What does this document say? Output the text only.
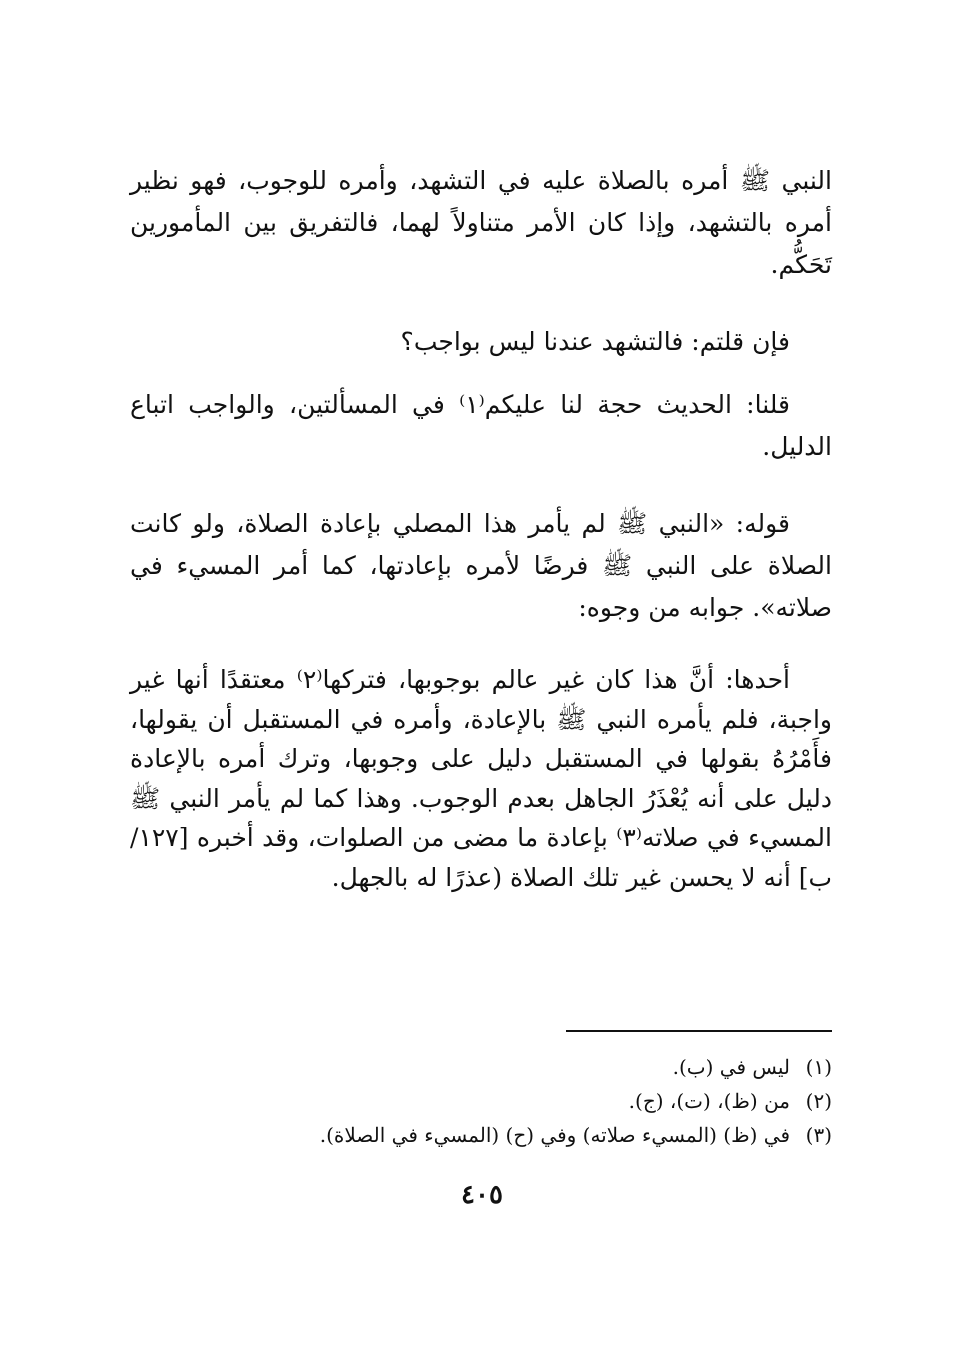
النبي ﷺ أمره بالصلاة عليه في التشهد، وأمره للوجوب، فهو نظير أمره بالتشهد، وإذا كان الأمر متناولاً لهما، فالتفريق بين المأمورين تَحَكُّم.

فإن قلتم: فالتشهد عندنا ليس بواجب؟

قلنا: الحديث حجة لنا عليكم⁽١⁾ في المسألتين، والواجب اتباع الدليل.

قوله: «النبي ﷺ لم يأمر هذا المصلي بإعادة الصلاة، ولو كانت الصلاة على النبي ﷺ فرضًا لأمره بإعادتها، كما أمر المسيء في صلاته». جوابه من وجوه:

أحدها: أنَّ هذا كان غير عالم بوجوبها، فتركها⁽٢⁾ معتقدًا أنها غير واجبة، فلم يأمره النبي ﷺ بالإعادة، وأمره في المستقبل أن يقولها، فأَمْرُهُ بقولها في المستقبل دليل على وجوبها، وترك أمره بالإعادة دليل على أنه يُعْذَرُ الجاهل بعدم الوجوب. وهذا كما لم يأمر النبي ﷺ المسيء في صلاته⁽٣⁾ بإعادة ما مضى من الصلوات، وقد أخبره [١٢٧/ب] أنه لا يحسن غير تلك الصلاة (عذرًا له بالجهل.

(١)
ليس في (ب).
(٢)
من (ظ)، (ت)، (ج).
(٣)
في (ظ) (المسيء صلاته) وفي (ح) (المسيء في الصلاة).
٤٠٥
